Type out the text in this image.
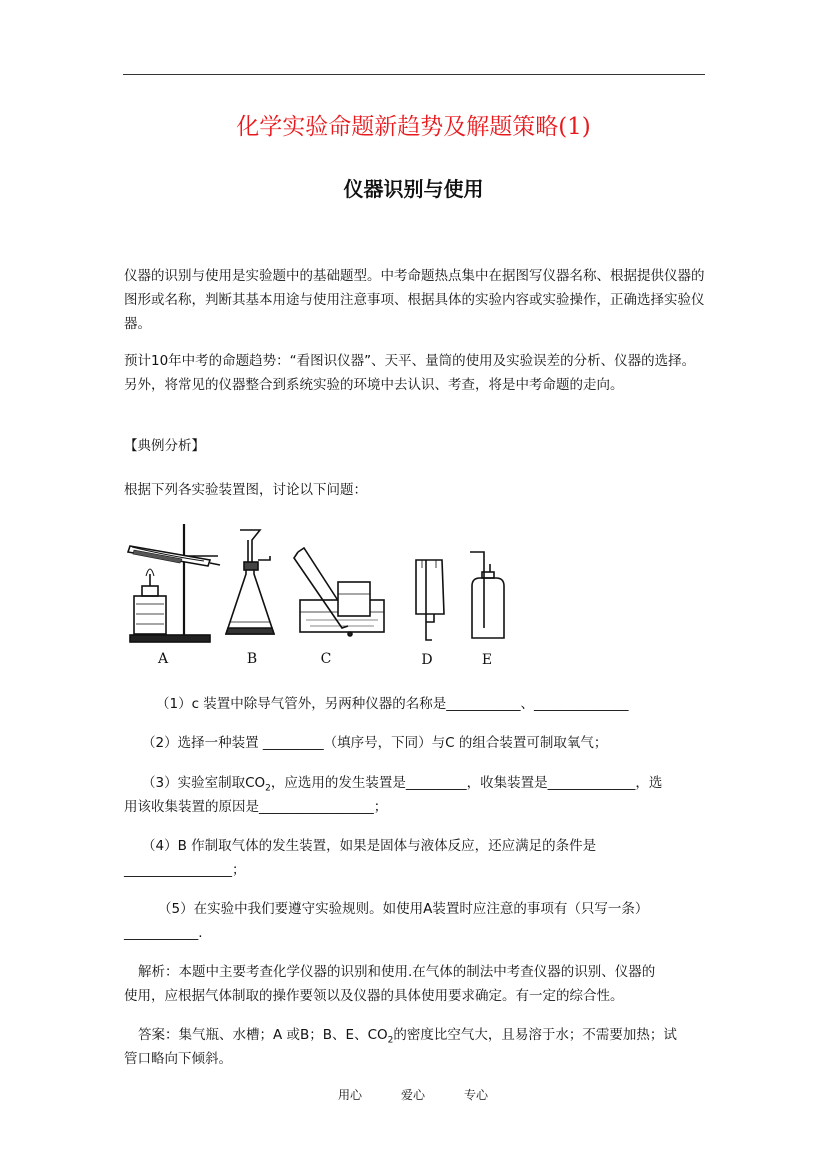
化学实验命题新趋势及解题策略(1)
仪器识别与使用

仪器的识别与使用是实验题中的基础题型。中考命题热点集中在据图写仪器名称、根据提供仪器的图形或名称，判断其基本用途与使用注意事项、根据具体的实验内容或实验操作，正确选择实验仪器。

预计10年中考的命题趋势：“看图识仪器”、天平、量筒的使用及实验误差的分析、仪器的选择。另外，将常见的仪器整合到系统实验的环境中去认识、考查，将是中考命题的走向。

【典例分析】

根据下列各实验装置图，讨论以下问题：

A	B	C	D	E

（1）c 装置中除导气管外，另两种仪器的名称是___________、______________

（2）选择一种装置 _________（填序号，下同）与C 的组合装置可制取氧气；

（3）实验室制取$CO_2$，应选用的发生装置是_________，收集装置是_____________，选

用该收集装置的原因是_________________；

（4）B 作制取气体的发生装置，如果是固体与液体反应，还应满足的条件是

________________；

（5）在实验中我们要遵守实验规则。如使用A装置时应注意的事项有（只写一条）

___________.

解析：本题中主要考查化学仪器的识别和使用.在气体的制法中考查仪器的识别、仪器的

使用，应根据气体制取的操作要领以及仪器的具体使用要求确定。有一定的综合性。

答案：集气瓶、水槽；A 或B；B、E、$CO_2$的密度比空气大，且易溶于水；不需要加热；试

管口略向下倾斜。

用心	爱心	专心
